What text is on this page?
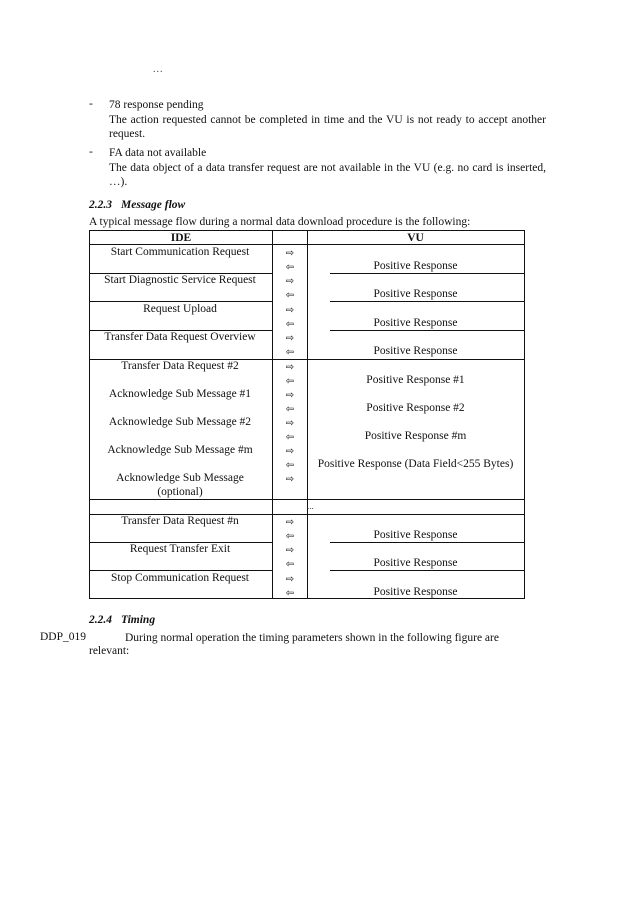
...
- 78 response pending
The action requested cannot be completed in time and the VU is not ready to accept another request.
- FA data not available
The data object of a data transfer request are not available in the VU (e.g. no card is inserted, …).
2.2.3 Message flow
A typical message flow during a normal data download procedure is the following:
IDE	VU
Start Communication Request
Start Diagnostic Service Request
Request Upload
Transfer Data Request Overview
Transfer Data Request #2
Acknowledge Sub Message #1
Acknowledge Sub Message #2
Acknowledge Sub Message #m
Acknowledge Sub Message
(optional)
Transfer Data Request #n
Request Transfer Exit
Stop Communication Request
Positive Response
Positive Response
Positive Response
Positive Response
Positive Response #1
Positive Response #2
Positive Response #m
Positive Response (Data Field<255 Bytes)
Positive Response
Positive Response
Positive Response
⇨
⇦
⇨
⇦
⇨
⇦
⇨
⇦
⇨
⇦
⇨
⇦
⇨
⇦
⇨
⇦
⇨
⇨
⇦
⇨
⇦
⇨
⇦
...
2.2.4 Timing
DDP_019	During normal operation the timing parameters shown in the following figure are
relevant:
